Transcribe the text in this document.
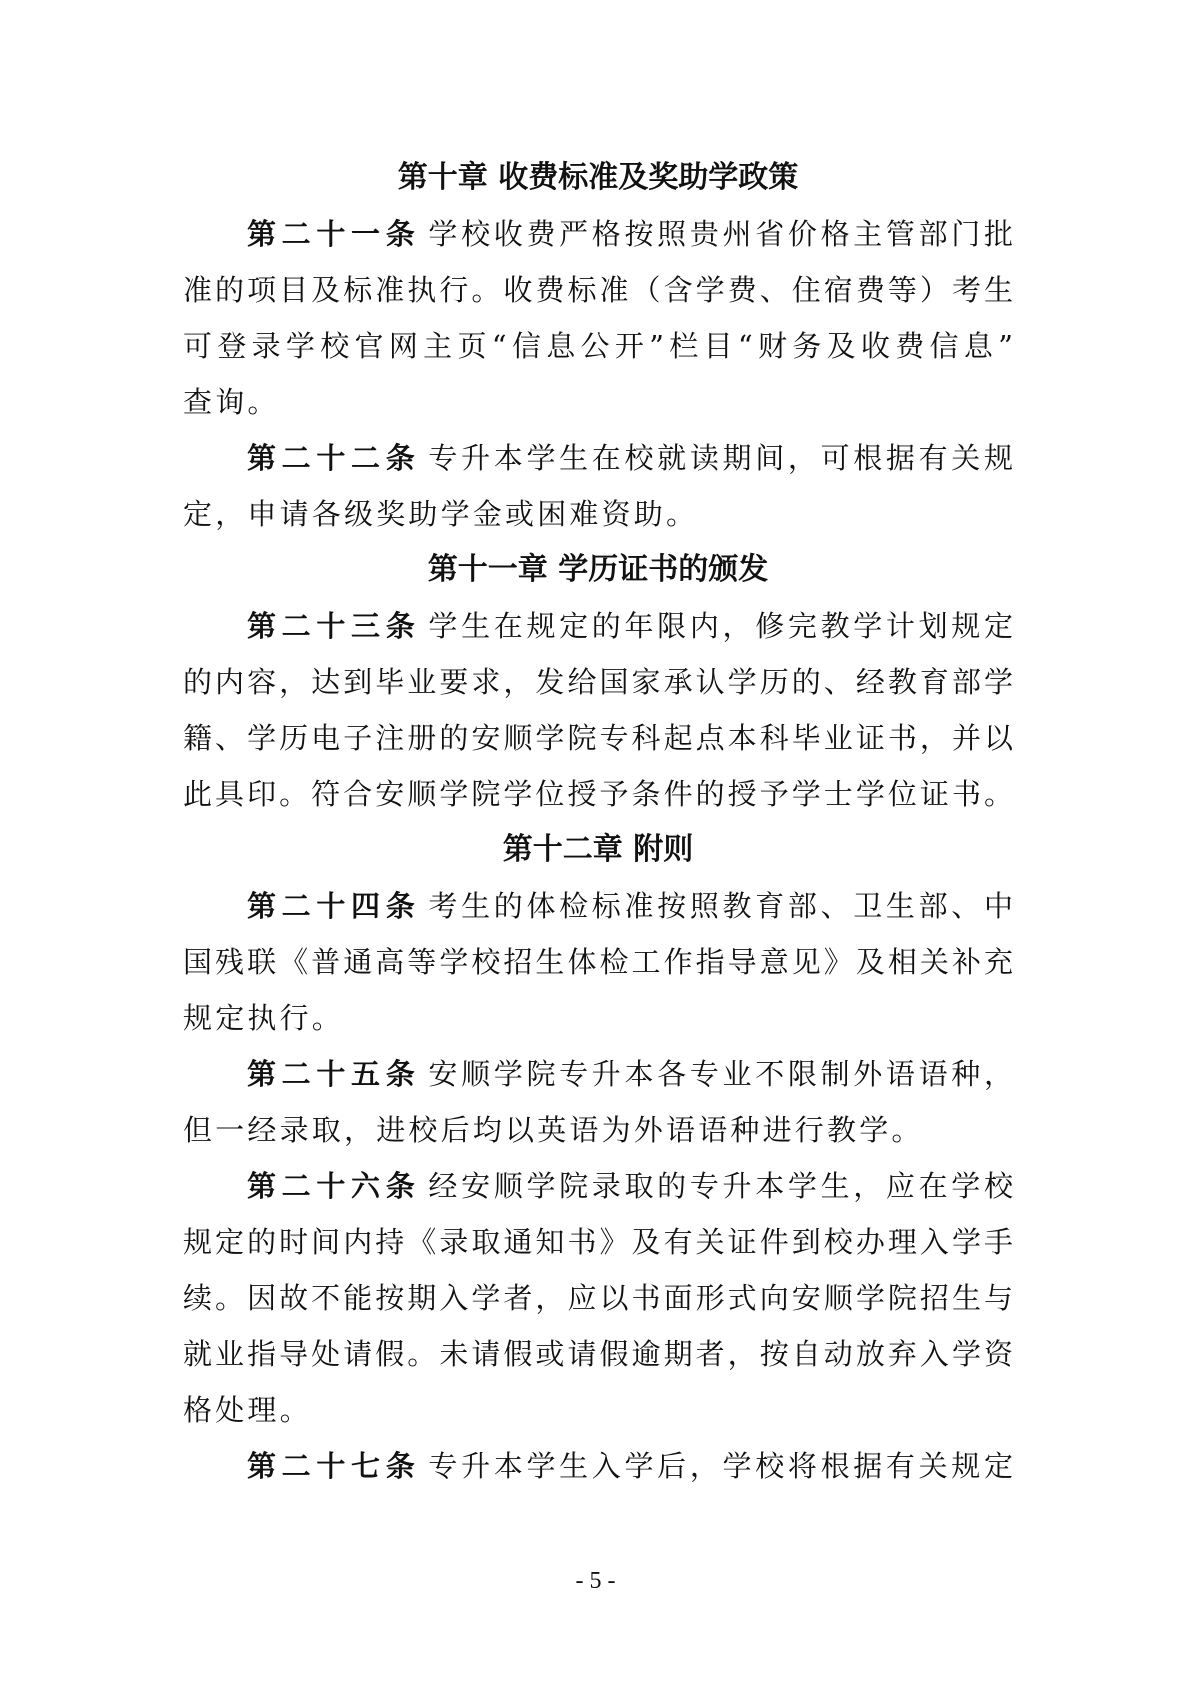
第十章 收费标准及奖助学政策
第二十一条 学校收费严格按照贵州省价格主管部门批
准的项目及标准执行。收费标准（含学费、住宿费等）考生
可登录学校官网主页“信息公开”栏目“财务及收费信息”
查询。
第二十二条 专升本学生在校就读期间，可根据有关规
定，申请各级奖助学金或困难资助。
第十一章 学历证书的颁发
第二十三条 学生在规定的年限内，修完教学计划规定
的内容，达到毕业要求，发给国家承认学历的、经教育部学
籍、学历电子注册的安顺学院专科起点本科毕业证书，并以
此具印。符合安顺学院学位授予条件的授予学士学位证书。
第十二章 附则
第二十四条 考生的体检标准按照教育部、卫生部、中
国残联《普通高等学校招生体检工作指导意见》及相关补充
规定执行。
第二十五条 安顺学院专升本各专业不限制外语语种，
但一经录取，进校后均以英语为外语语种进行教学。
第二十六条 经安顺学院录取的专升本学生，应在学校
规定的时间内持《录取通知书》及有关证件到校办理入学手
续。因故不能按期入学者，应以书面形式向安顺学院招生与
就业指导处请假。未请假或请假逾期者，按自动放弃入学资
格处理。
第二十七条 专升本学生入学后，学校将根据有关规定
- 5 -
